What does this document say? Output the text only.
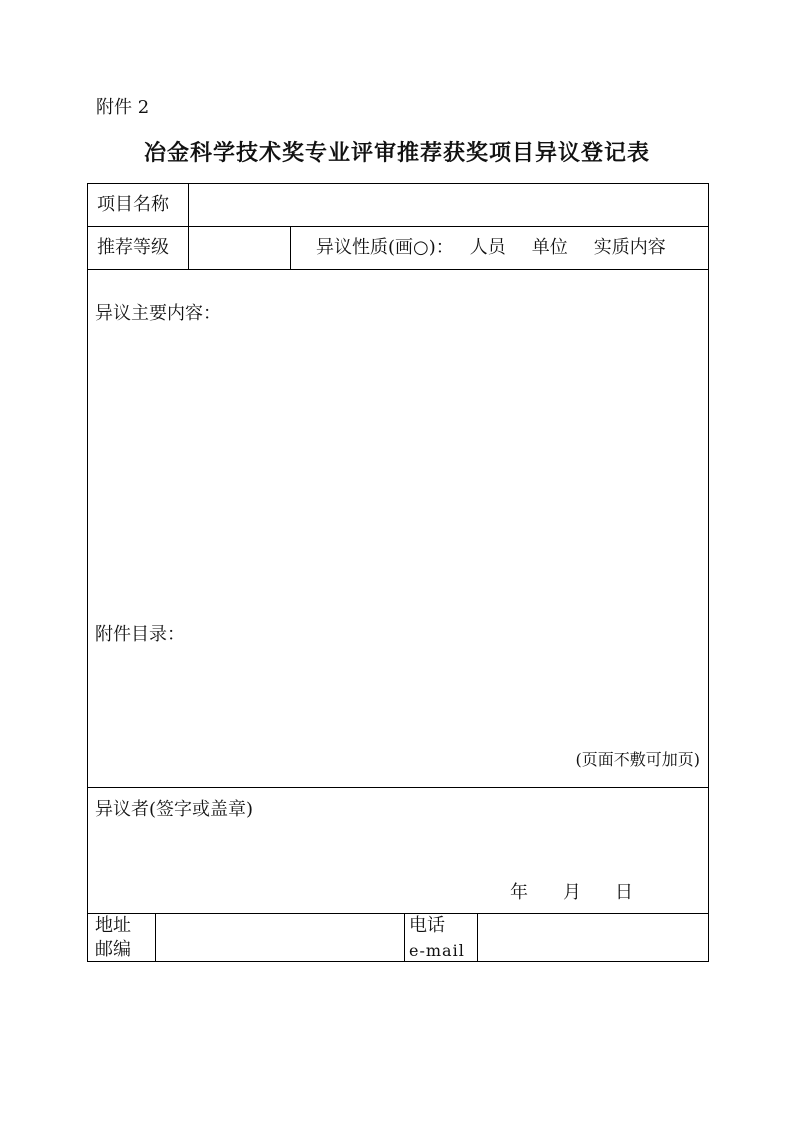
附件 2
冶金科学技术奖专业评审推荐获奖项目异议登记表
项目名称
推荐等级	异议性质(画○)： 人员 单位 实质内容
异议主要内容：
附件目录：
(页面不敷可加页)
异议者(签字或盖章)
年 月 日
地址
邮编
电话
e-mail
